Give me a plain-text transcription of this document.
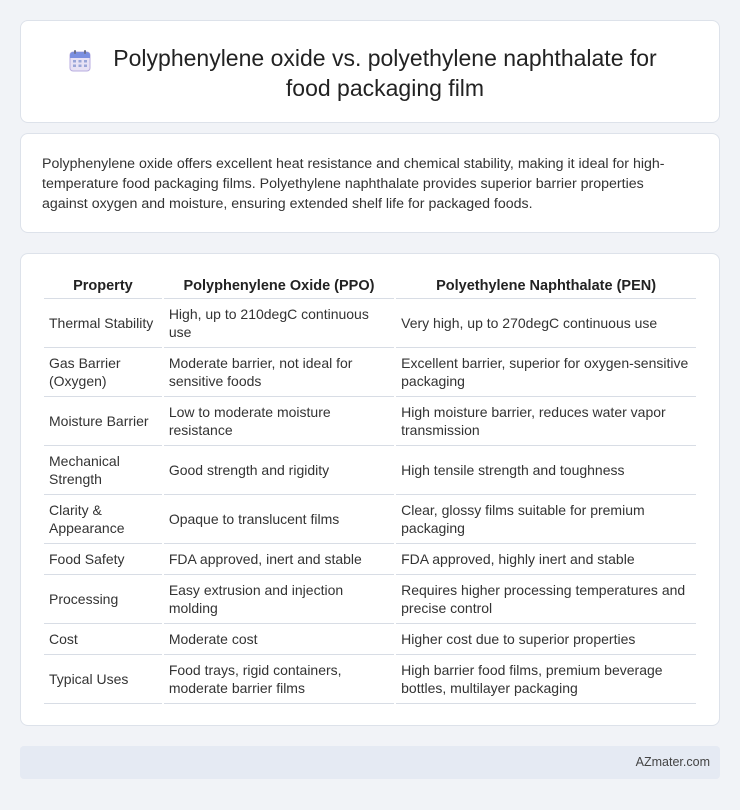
Polyphenylene oxide vs. polyethylene naphthalate for food packaging film

Polyphenylene oxide offers excellent heat resistance and chemical stability, making it ideal for high-temperature food packaging films. Polyethylene naphthalate provides superior barrier properties against oxygen and moisture, ensuring extended shelf life for packaged foods.

Property	Polyphenylene Oxide (PPO)	Polyethylene Naphthalate (PEN)
Thermal Stability	High, up to 210degC continuous use	Very high, up to 270degC continuous use
Gas Barrier (Oxygen)	Moderate barrier, not ideal for sensitive foods	Excellent barrier, superior for oxygen-sensitive packaging
Moisture Barrier	Low to moderate moisture resistance	High moisture barrier, reduces water vapor transmission
Mechanical Strength	Good strength and rigidity	High tensile strength and toughness
Clarity & Appearance	Opaque to translucent films	Clear, glossy films suitable for premium packaging
Food Safety	FDA approved, inert and stable	FDA approved, highly inert and stable
Processing	Easy extrusion and injection molding	Requires higher processing temperatures and precise control
Cost	Moderate cost	Higher cost due to superior properties
Typical Uses	Food trays, rigid containers, moderate barrier films	High barrier food films, premium beverage bottles, multilayer packaging
AZmater.com
